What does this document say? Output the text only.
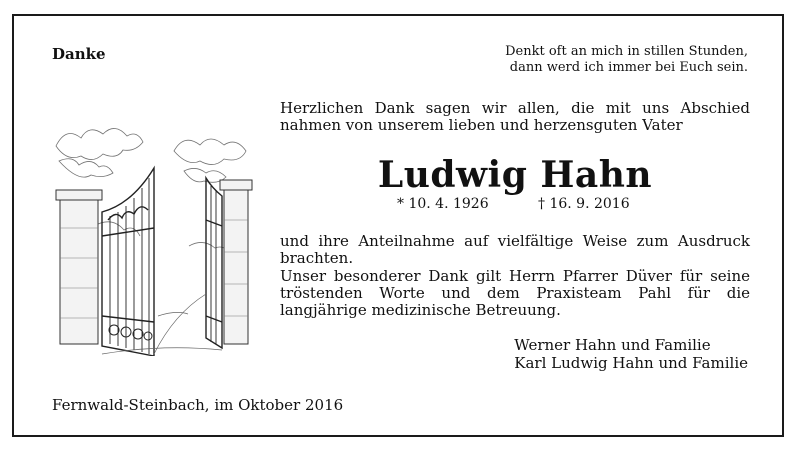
Danke	Denkt oft an mich in stillen Stunden,
dann werd ich immer bei Euch sein.
Herzlichen Dank sagen wir allen, die mit uns Abschied nahmen von unserem lieben und herzensguten Vater
Ludwig Hahn
* 10. 4. 1926	† 16. 9. 2016
und ihre Anteilnahme auf vielfältige Weise zum Ausdruck brachten.
Unser besonderer Dank gilt Herrn Pfarrer Düver für seine tröstenden Worte und dem Praxisteam Pahl für die langjährige medizinische Betreuung.
Werner Hahn und Familie
Karl Ludwig Hahn und Familie
Fernwald-Steinbach, im Oktober 2016
